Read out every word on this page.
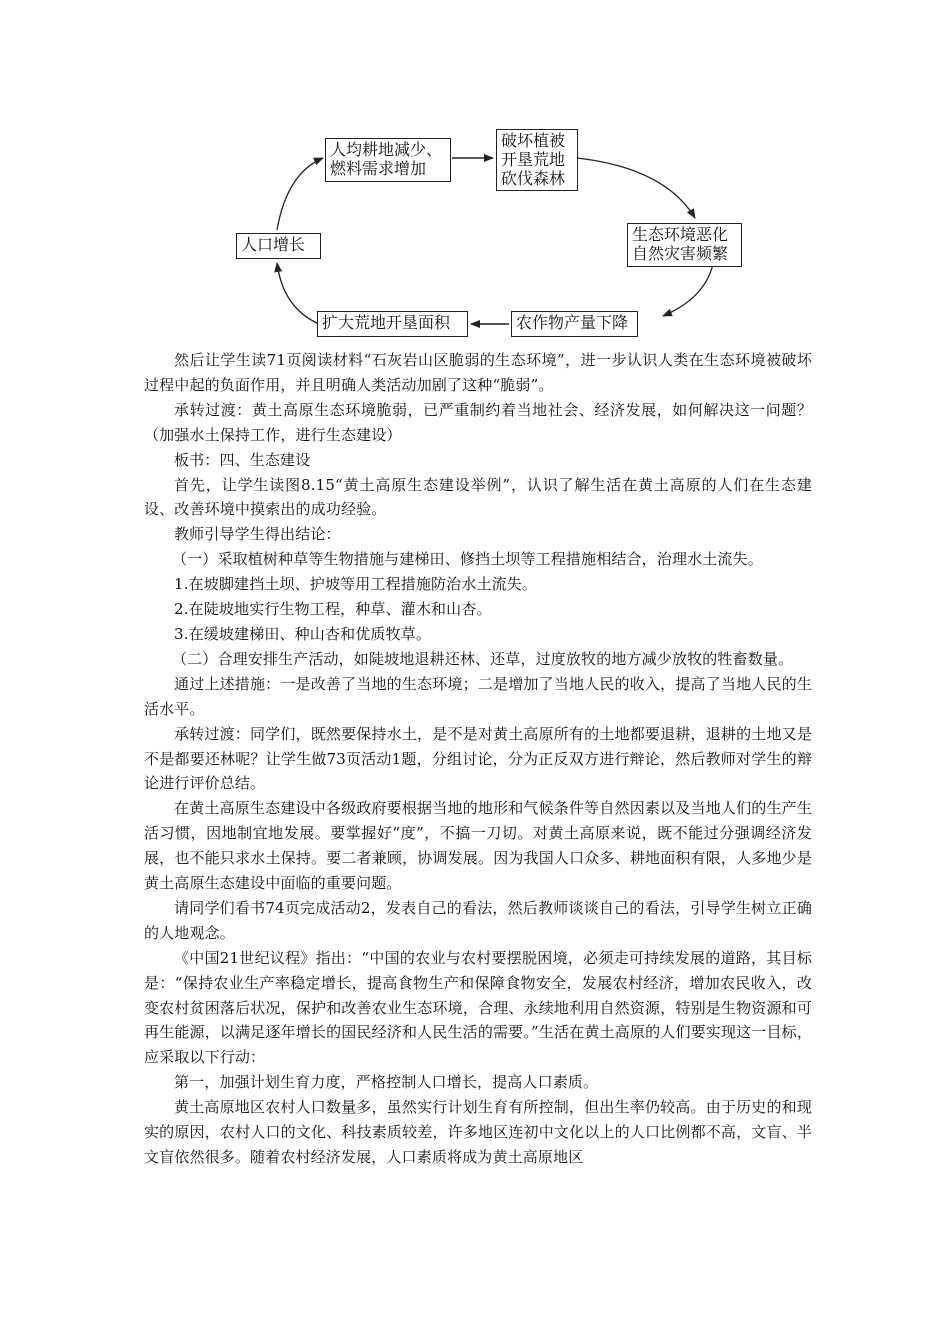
人均耕地减少、
燃料需求增加
破坏植被
开垦荒地
砍伐森林
生态环境恶化
自然灾害频繁
农作物产量下降
扩大荒地开垦面积
人口增长

然后让学生读71页阅读材料“石灰岩山区脆弱的生态环境”，进一步认识人类在生态环境被破坏过程中起的负面作用，并且明确人类活动加剧了这种“脆弱”。

承转过渡：黄土高原生态环境脆弱，已严重制约着当地社会、经济发展，如何解决这一问题？（加强水土保持工作，进行生态建设）

板书：四、生态建设

首先，让学生读图8.15“黄土高原生态建设举例”，认识了解生活在黄土高原的人们在生态建设、改善环境中摸索出的成功经验。

教师引导学生得出结论：

（一）采取植树种草等生物措施与建梯田、修挡土坝等工程措施相结合，治理水土流失。

1.在坡脚建挡土坝、护坡等用工程措施防治水土流失。

2.在陡坡地实行生物工程，种草、灌木和山杏。

3.在缓坡建梯田、种山杏和优质牧草。

（二）合理安排生产活动，如陡坡地退耕还林、还草，过度放牧的地方减少放牧的牲畜数量。

通过上述措施：一是改善了当地的生态环境；二是增加了当地人民的收入，提高了当地人民的生活水平。

承转过渡：同学们，既然要保持水土，是不是对黄土高原所有的土地都要退耕，退耕的土地又是不是都要还林呢？让学生做73页活动1题，分组讨论，分为正反双方进行辩论，然后教师对学生的辩论进行评价总结。

在黄土高原生态建设中各级政府要根据当地的地形和气候条件等自然因素以及当地人们的生产生活习惯，因地制宜地发展。要掌握好“度”，不搞一刀切。对黄土高原来说，既不能过分强调经济发展，也不能只求水土保持。要二者兼顾，协调发展。因为我国人口众多、耕地面积有限，人多地少是黄土高原生态建设中面临的重要问题。

请同学们看书74页完成活动2，发表自己的看法，然后教师谈谈自己的看法，引导学生树立正确的人地观念。

《中国21世纪议程》指出：“中国的农业与农村要摆脱困境，必须走可持续发展的道路，其目标是：“保持农业生产率稳定增长，提高食物生产和保障食物安全，发展农村经济，增加农民收入，改变农村贫困落后状况，保护和改善农业生态环境，合理、永续地利用自然资源，特别是生物资源和可再生能源，以满足逐年增长的国民经济和人民生活的需要。”生活在黄土高原的人们要实现这一目标，应采取以下行动：

第一，加强计划生育力度，严格控制人口增长，提高人口素质。

黄土高原地区农村人口数量多，虽然实行计划生育有所控制，但出生率仍较高。由于历史的和现实的原因，农村人口的文化、科技素质较差，许多地区连初中文化以上的人口比例都不高，文盲、半文盲依然很多。随着农村经济发展，人口素质将成为黄土高原地区
